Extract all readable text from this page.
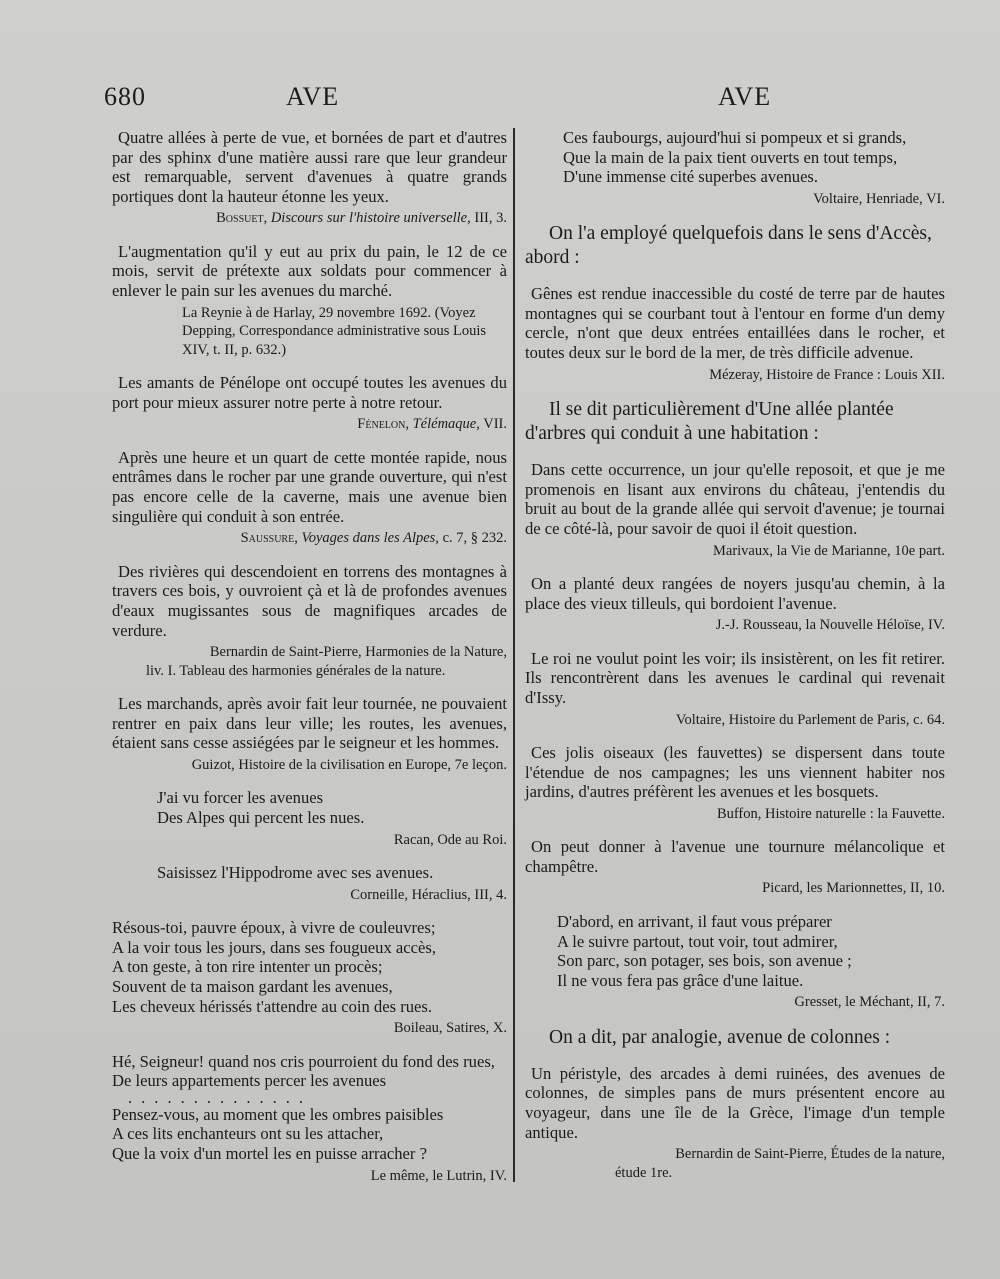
680	AVE	AVE

Quatre allées à perte de vue, et bornées de part et d'autres par des sphinx d'une matière aussi rare que leur grandeur est remarquable, servent d'avenues à quatre grands portiques dont la hauteur étonne les yeux.

Bossuet, Discours sur l'histoire universelle, III, 3.

L'augmentation qu'il y eut au prix du pain, le 12 de ce mois, servit de prétexte aux soldats pour commencer à enlever le pain sur les avenues du marché.

La Reynie à de Harlay, 29 novembre 1692. (Voyez Depping, Correspondance administrative sous Louis XIV, t. II, p. 632.)

Les amants de Pénélope ont occupé toutes les avenues du port pour mieux assurer notre perte à notre retour.

Fénelon, Télémaque, VII.

Après une heure et un quart de cette montée rapide, nous entrâmes dans le rocher par une grande ouverture, qui n'est pas encore celle de la caverne, mais une avenue bien singulière qui conduit à son entrée.

Saussure, Voyages dans les Alpes, c. 7, § 232.

Des rivières qui descendoient en torrens des montagnes à travers ces bois, y ouvroient çà et là de profondes avenues d'eaux mugissantes sous de magnifiques arcades de verdure.

Bernardin de Saint-Pierre, Harmonies de la Nature,
liv. I. Tableau des harmonies générales de la nature.

Les marchands, après avoir fait leur tournée, ne pouvaient rentrer en paix dans leur ville; les routes, les avenues, étaient sans cesse assiégées par le seigneur et les hommes.

Guizot, Histoire de la civilisation en Europe, 7e leçon.
J'ai vu forcer les avenues
Des Alpes qui percent les nues.
Racan, Ode au Roi.
Saisissez l'Hippodrome avec ses avenues.
Corneille, Héraclius, III, 4.
Résous-toi, pauvre époux, à vivre de couleuvres;
A la voir tous les jours, dans ses fougueux accès,
A ton geste, à ton rire intenter un procès;
Souvent de ta maison gardant les avenues,
Les cheveux hérissés t'attendre au coin des rues.
Boileau, Satires, X.
Hé, Seigneur! quand nos cris pourroient du fond des rues,
De leurs appartements percer les avenues
..............
Pensez-vous, au moment que les ombres paisibles
A ces lits enchanteurs ont su les attacher,
Que la voix d'un mortel les en puisse arracher ?
Le même, le Lutrin, IV.
Ces faubourgs, aujourd'hui si pompeux et si grands,
Que la main de la paix tient ouverts en tout temps,
D'une immense cité superbes avenues.
Voltaire, Henriade, VI.
On l'a employé quelquefois dans le sens d'Accès, abord :

Gênes est rendue inaccessible du costé de terre par de hautes montagnes qui se courbant tout à l'entour en forme d'un demy cercle, n'ont que deux entrées entaillées dans le rocher, et toutes deux sur le bord de la mer, de très difficile advenue.

Mézeray, Histoire de France : Louis XII.
Il se dit particulièrement d'Une allée plantée d'arbres qui conduit à une habitation :

Dans cette occurrence, un jour qu'elle reposoit, et que je me promenois en lisant aux environs du château, j'entendis du bruit au bout de la grande allée qui servoit d'avenue; je tournai de ce côté-là, pour savoir de quoi il étoit question.

Marivaux, la Vie de Marianne, 10e part.

On a planté deux rangées de noyers jusqu'au chemin, à la place des vieux tilleuls, qui bordoient l'avenue.

J.-J. Rousseau, la Nouvelle Héloïse, IV.

Le roi ne voulut point les voir; ils insistèrent, on les fit retirer. Ils rencontrèrent dans les avenues le cardinal qui revenait d'Issy.

Voltaire, Histoire du Parlement de Paris, c. 64.

Ces jolis oiseaux (les fauvettes) se dispersent dans toute l'étendue de nos campagnes; les uns viennent habiter nos jardins, d'autres préfèrent les avenues et les bosquets.

Buffon, Histoire naturelle : la Fauvette.

On peut donner à l'avenue une tournure mélancolique et champêtre.

Picard, les Marionnettes, II, 10.
D'abord, en arrivant, il faut vous préparer
A le suivre partout, tout voir, tout admirer,
Son parc, son potager, ses bois, son avenue ;
Il ne vous fera pas grâce d'une laitue.
Gresset, le Méchant, II, 7.
On a dit, par analogie, avenue de colonnes :

Un péristyle, des arcades à demi ruinées, des avenues de colonnes, de simples pans de murs présentent encore au voyageur, dans une île de la Grèce, l'image d'un temple antique.

Bernardin de Saint-Pierre, Études de la nature,
étude 1re.
